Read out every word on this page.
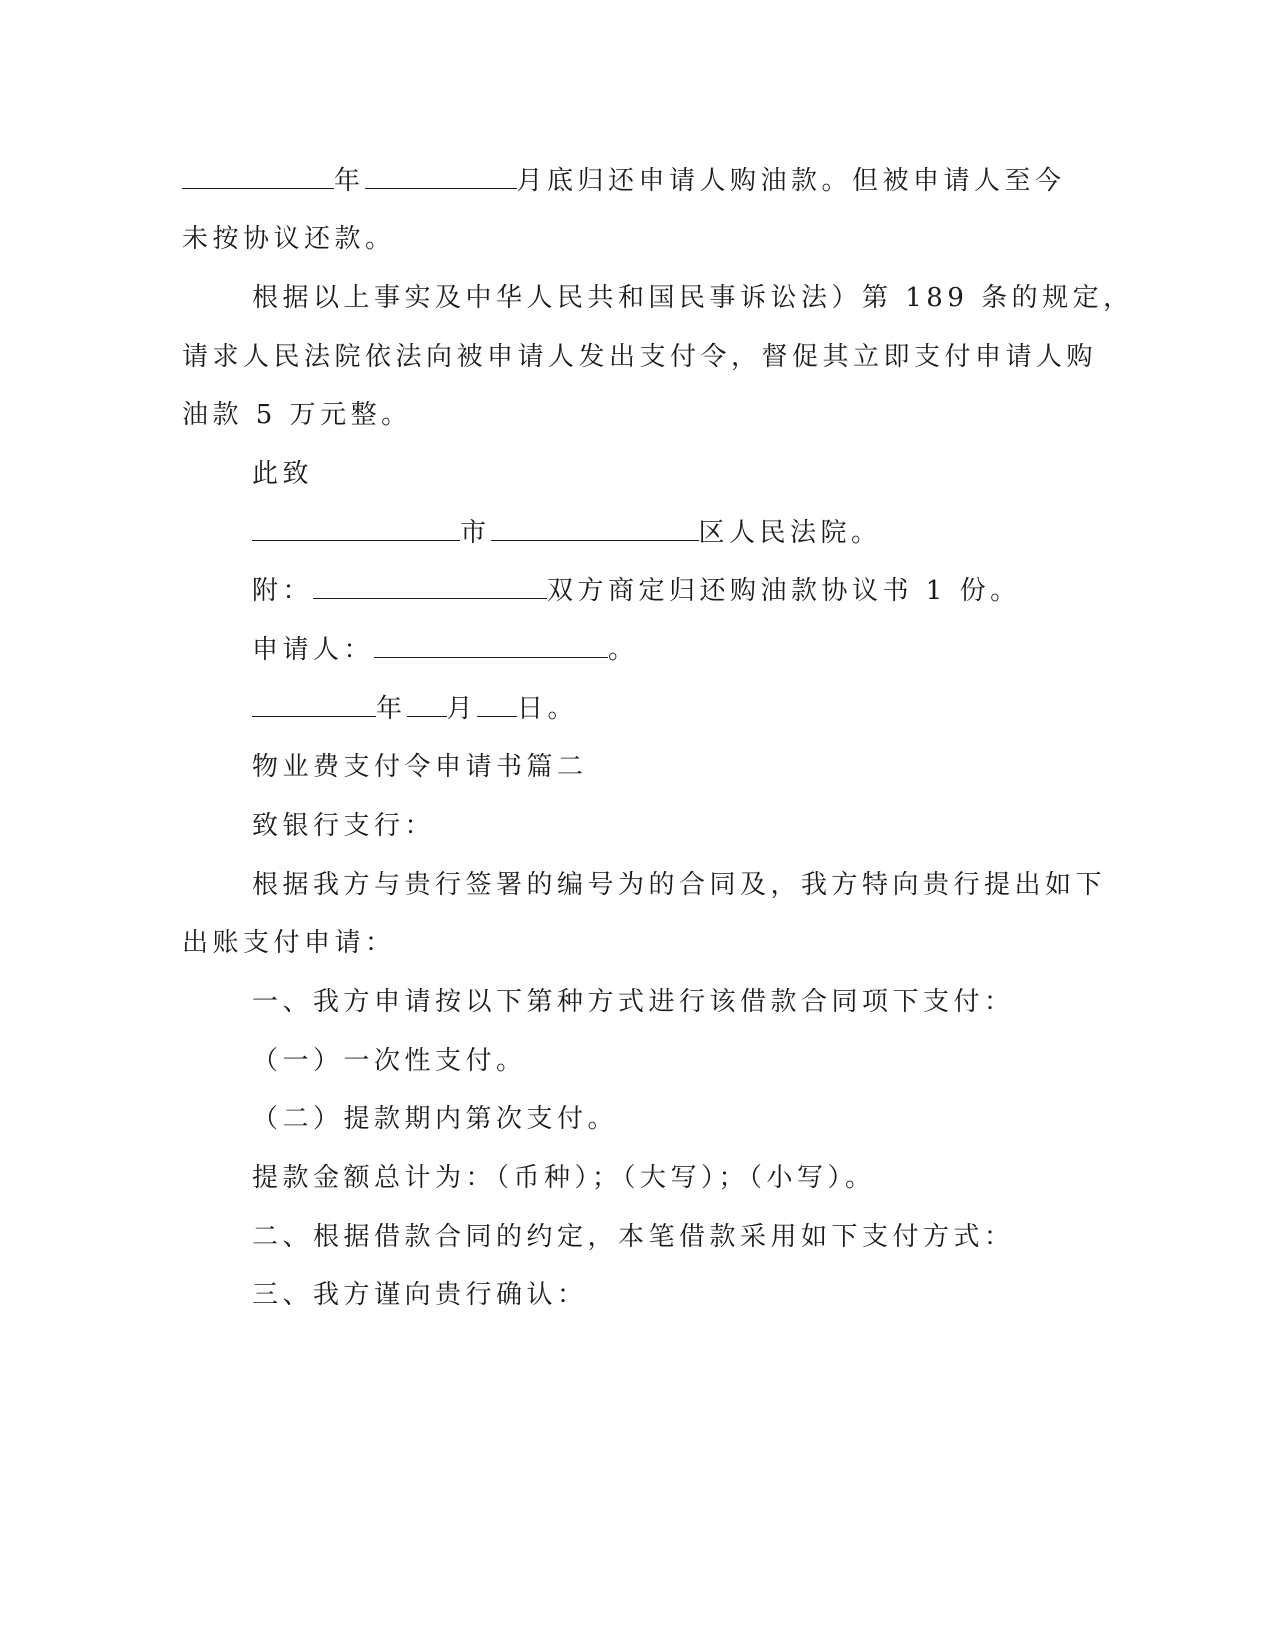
年	月底归还申请人购油款。但被申请人至今

未按协议还款。

根据以上事实及中华人民共和国民事诉讼法）第 189 条的规定，

请求人民法院依法向被申请人发出支付令，督促其立即支付申请人购

油款 5 万元整。

此致

市	区人民法院。

附：	双方商定归还购油款协议书 1 份。

申请人：	。

年 月 日。

物业费支付令申请书篇二

致银行支行：

根据我方与贵行签署的编号为的合同及，我方特向贵行提出如下

出账支付申请：

一、我方申请按以下第种方式进行该借款合同项下支付：

（一）一次性支付。

（二）提款期内第次支付。

提款金额总计为：（币种）；（大写）；（小写）。

二、根据借款合同的约定，本笔借款采用如下支付方式：

三、我方谨向贵行确认：
